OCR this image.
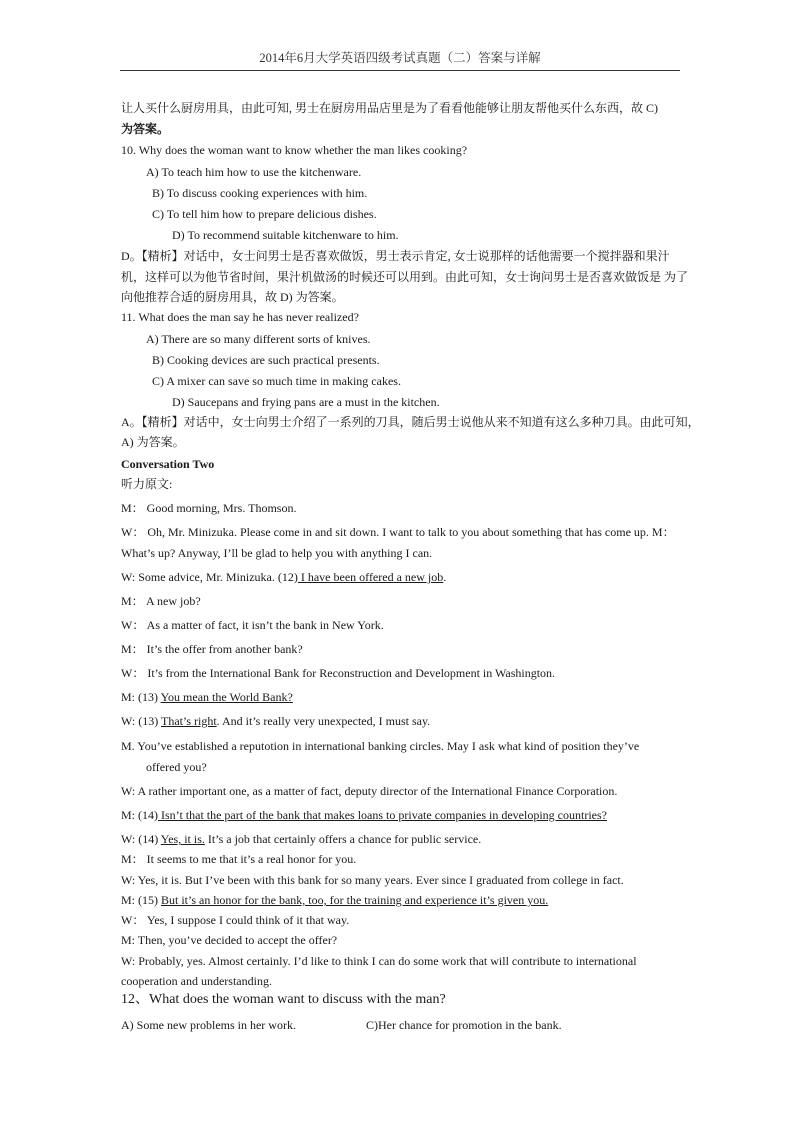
2014年6月大学英语四级考试真题（二）答案与详解
让人买什么厨房用具，由此可知, 男士在厨房用品店里是为了看看他能够让朋友帮他买什么东西，故 C)
为答案。
10. Why does the woman want to know whether the man likes cooking?
A) To teach him how to use the kitchenware.
B) To discuss cooking experiences with him.
C) To tell him how to prepare delicious dishes.
D) To recommend suitable kitchenware to him.
D。【精析】对话中，女士问男士是否喜欢做饭，男士表示肯定, 女士说那样的话他需要一个搅拌器和果汁
机，这样可以为他节省时间，果汁机做汤的时候还可以用到。由此可知，女士询问男士是否喜欢做饭是 为了
向他推荐合适的厨房用具，故 D) 为答案。
11. What does the man say he has never realized?
A) There are so many different sorts of knives.
B) Cooking devices are such practical presents.
C) A mixer can save so much time in making cakes.
D) Saucepans and frying pans are a must in the kitchen.
A。【精析】对话中，女士向男士介绍了一系列的刀具，随后男士说他从来不知道有这么多种刀具。由此可知，
A) 为答案。
Conversation Two
听力原文:
M： Good morning, Mrs. Thomson.
W： Oh, Mr. Minizuka. Please come in and sit down. I want to talk to you about something that has come up. M：
What’s up? Anyway, I’ll be glad to help you with anything I can.
W: Some advice, Mr. Minizuka. (12) I have been offered a new job.
M： A new job?
W： As a matter of fact, it isn’t the bank in New York.
M： It’s the offer from another bank?
W： It’s from the International Bank for Reconstruction and Development in Washington.
M: (13) You mean the World Bank?
W: (13) That’s right. And it’s really very unexpected, I must say.
M. You’ve established a reputotion in international banking circles. May I ask what kind of position they’ve
offered you?
W: A rather important one, as a matter of fact, deputy director of the International Finance Corporation.
M: (14) Isn’t that the part of the bank that makes loans to private companies in developing countries?
W: (14) Yes, it is. It’s a job that certainly offers a chance for public service.
M： It seems to me that it’s a real honor for you.
W: Yes, it is. But I’ve been with this bank for so many years. Ever since I graduated from college in fact.
M: (15) But it’s an honor for the bank, too, for the training and experience it’s given you.
W： Yes, I suppose I could think of it that way.
M: Then, you’ve decided to accept the offer?
W: Probably, yes. Almost certainly. I’d like to think I can do some work that will contribute to international
cooperation and understanding.
12、What does the woman want to discuss with the man?
A) Some new problems in her work.	C)Her chance for promotion in the bank.
